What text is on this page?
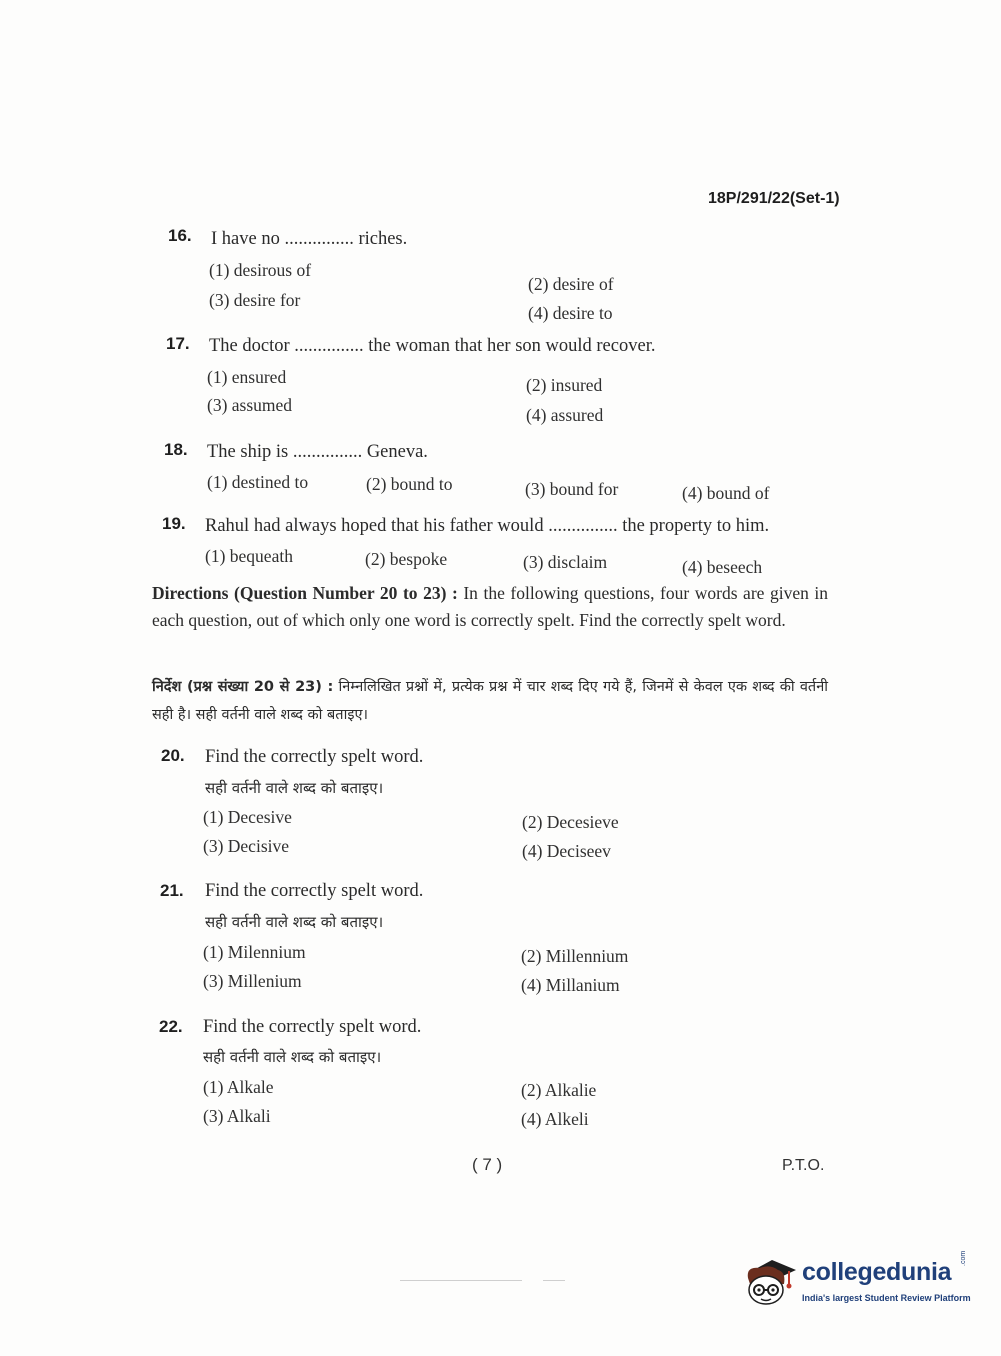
18P/291/22(Set-1)
16. I have no ............... riches.
(1) desirous of
(2) desire of
(3) desire for
(4) desire to
17. The doctor ............... the woman that her son would recover.
(1) ensured	(2) insured
(3) assumed	(4) assured
18. The ship is ............... Geneva.
(1) destined to	(2) bound to	(3) bound for	(4) bound of
19. Rahul had always hoped that his father would ............... the property to him.
(1) bequeath	(2) bespoke	(3) disclaim	(4) beseech
Directions (Question Number 20 to 23) : In the following questions, four words are given in each question, out of which only one word is correctly spelt. Find the correctly spelt word.
निर्देश (प्रश्न संख्या 20 से 23) : निम्नलिखित प्रश्नों में, प्रत्येक प्रश्न में चार शब्द दिए गये हैं, जिनमें से केवल एक शब्द की वर्तनी सही है। सही वर्तनी वाले शब्द को बताइए।
20. Find the correctly spelt word.
सही वर्तनी वाले शब्द को बताइए।
(1) Decesive	(2) Decesieve
(3) Decisive	(4) Deciseev
21. Find the correctly spelt word.
सही वर्तनी वाले शब्द को बताइए।
(1) Milennium	(2) Millennium
(3) Millenium	(4) Millanium
22. Find the correctly spelt word.
सही वर्तनी वाले शब्द को बताइए।
(1) Alkale	(2) Alkalie
(3) Alkali	(4) Alkeli
( 7 )	P.T.O.
collegedunia .com
India's largest Student Review Platform
